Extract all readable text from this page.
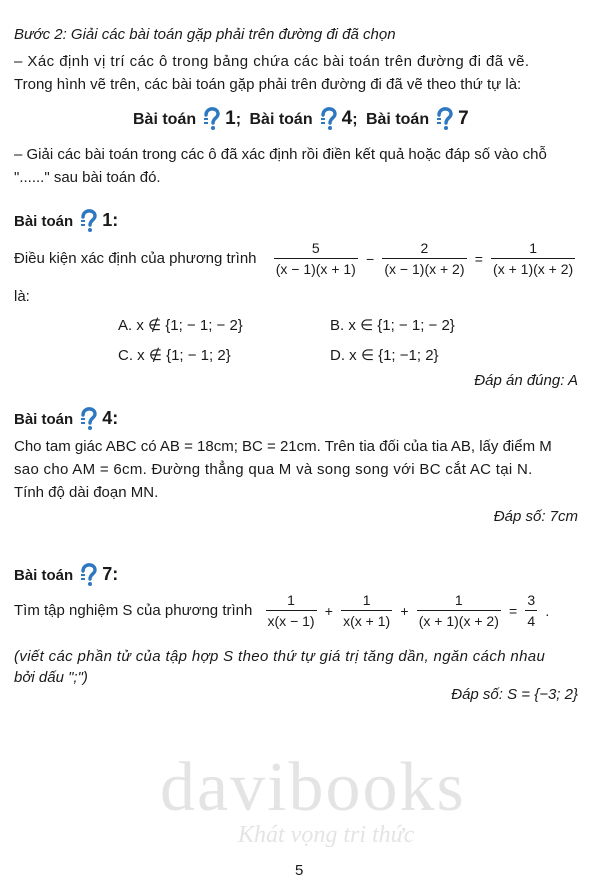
Bước 2: Giải các bài toán gặp phải trên đường đi đã chọn
– Xác định vị trí các ô trong bảng chứa các bài toán trên đường đi đã vẽ.
Trong hình vẽ trên, các bài toán gặp phải trên đường đi đã vẽ theo thứ tự là:
Bài toán 1; Bài toán 4; Bài toán 7
– Giải các bài toán trong các ô đã xác định rồi điền kết quả hoặc đáp số vào chỗ
"......" sau bài toán đó.
Bài toán 1:
Điều kiện xác định của phương trình $\frac{5}{(x - 1)(x + 1)} - \frac{2}{(x - 1)(x + 2)} = \frac{1}{(x + 1)(x + 2)}$
là:
A. x ∉ {1; − 1; − 2}	B. x ∈ {1; − 1; − 2}
C. x ∉ {1; − 1; 2}	D. x ∈ {1; −1; 2}
Đáp án đúng: A
Bài toán 4:
Cho tam giác ABC có AB = 18cm; BC = 21cm. Trên tia đối của tia AB, lấy điểm M
sao cho AM = 6cm. Đường thẳng qua M và song song với BC cắt AC tại N.
Tính độ dài đoạn MN.
Đáp số: 7cm
Bài toán 7:
Tìm tập nghiệm S của phương trình $\frac{1}{x(x - 1)} + \frac{1}{x(x + 1)} + \frac{1}{(x + 1)(x + 2)} = \frac{3}{4}$ .
(viết các phần tử của tập hợp S theo thứ tự giá trị tăng dần, ngăn cách nhau
bởi dấu ";")
Đáp số: S = {−3; 2}
davibooks
Khát vọng tri thức
5
